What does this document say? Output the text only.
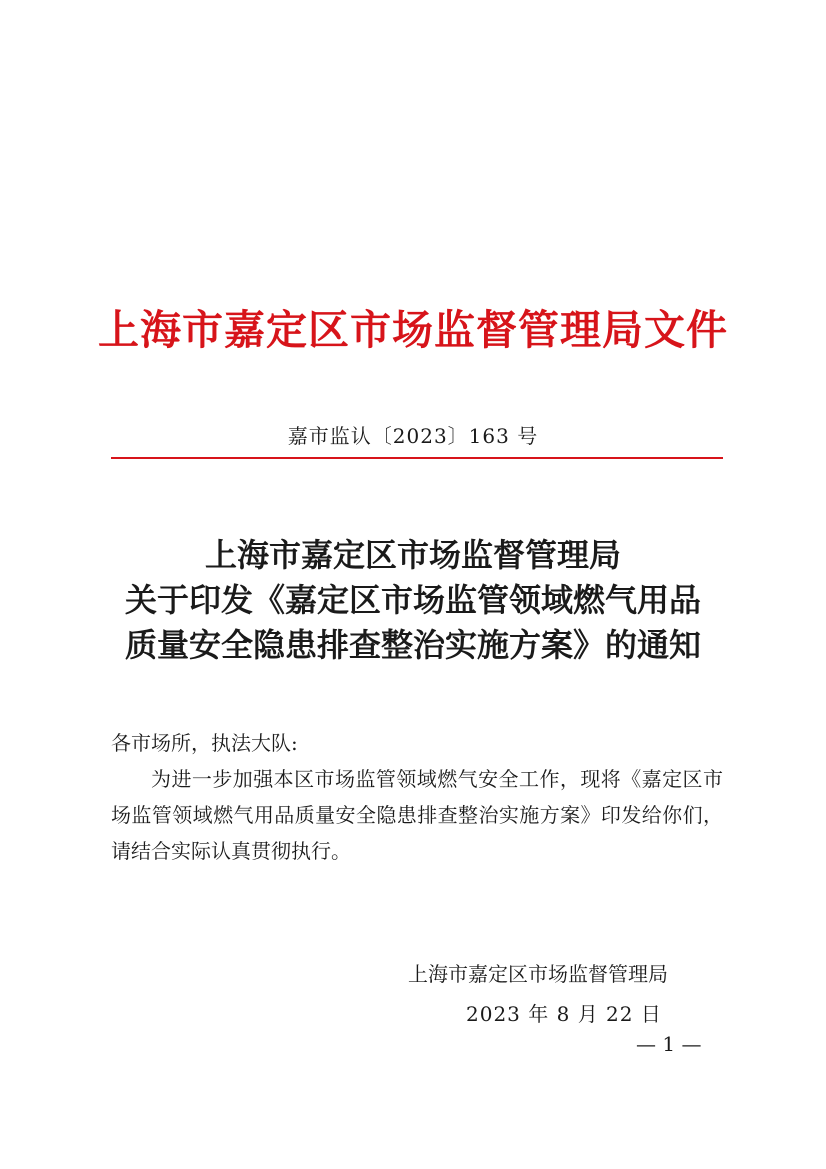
上海市嘉定区市场监督管理局文件
嘉市监认〔2023〕163 号
上海市嘉定区市场监督管理局
关于印发《嘉定区市场监管领域燃气用品
质量安全隐患排查整治实施方案》的通知
各市场所，执法大队:
为进一步加强本区市场监管领域燃气安全工作，现将《嘉定区市场监管领域燃气用品质量安全隐患排查整治实施方案》印发给你们，请结合实际认真贯彻执行。
上海市嘉定区市场监督管理局
2023 年 8 月 22 日
— 1 —
